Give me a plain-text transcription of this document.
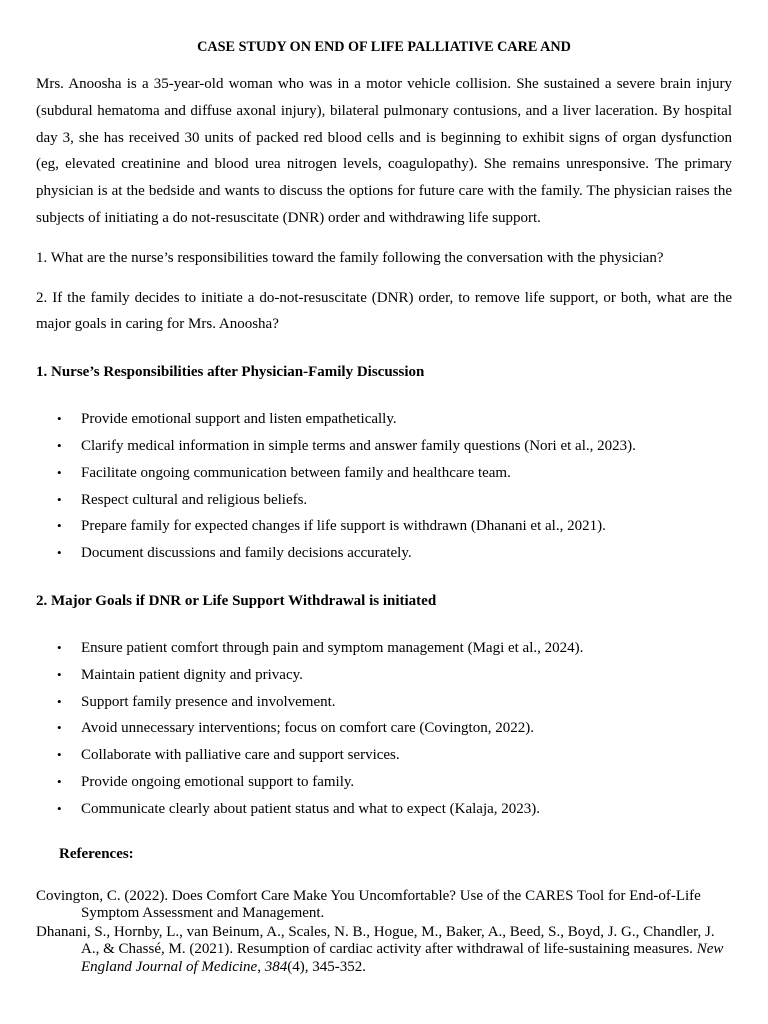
CASE STUDY ON END OF LIFE PALLIATIVE CARE AND

Mrs. Anoosha is a 35-year-old woman who was in a motor vehicle collision. She sustained a severe brain injury (subdural hematoma and diffuse axonal injury), bilateral pulmonary contusions, and a liver laceration. By hospital day 3, she has received 30 units of packed red blood cells and is beginning to exhibit signs of organ dysfunction (eg, elevated creatinine and blood urea nitrogen levels, coagulopathy). She remains unresponsive. The primary physician is at the bedside and wants to discuss the options for future care with the family. The physician raises the subjects of initiating a do not-resuscitate (DNR) order and withdrawing life support.

1. What are the nurse’s responsibilities toward the family following the conversation with the physician?

2. If the family decides to initiate a do-not-resuscitate (DNR) order, to remove life support, or both, what are the major goals in caring for Mrs. Anoosha?

1. Nurse’s Responsibilities after Physician-Family Discussion
• Provide emotional support and listen empathetically.
• Clarify medical information in simple terms and answer family questions (Nori et al., 2023).
• Facilitate ongoing communication between family and healthcare team.
• Respect cultural and religious beliefs.
• Prepare family for expected changes if life support is withdrawn (Dhanani et al., 2021).
• Document discussions and family decisions accurately.
2. Major Goals if DNR or Life Support Withdrawal is initiated
• Ensure patient comfort through pain and symptom management (Magi et al., 2024).
• Maintain patient dignity and privacy.
• Support family presence and involvement.
• Avoid unnecessary interventions; focus on comfort care (Covington, 2022).
• Collaborate with palliative care and support services.
• Provide ongoing emotional support to family.
• Communicate clearly about patient status and what to expect (Kalaja, 2023).

References:

Covington, C. (2022). Does Comfort Care Make You Uncomfortable? Use of the CARES Tool for End-of-Life Symptom Assessment and Management.

Dhanani, S., Hornby, L., van Beinum, A., Scales, N. B., Hogue, M., Baker, A., Beed, S., Boyd, J. G., Chandler, J. A., & Chassé, M. (2021). Resumption of cardiac activity after withdrawal of life-sustaining measures. New England Journal of Medicine, 384(4), 345-352.
